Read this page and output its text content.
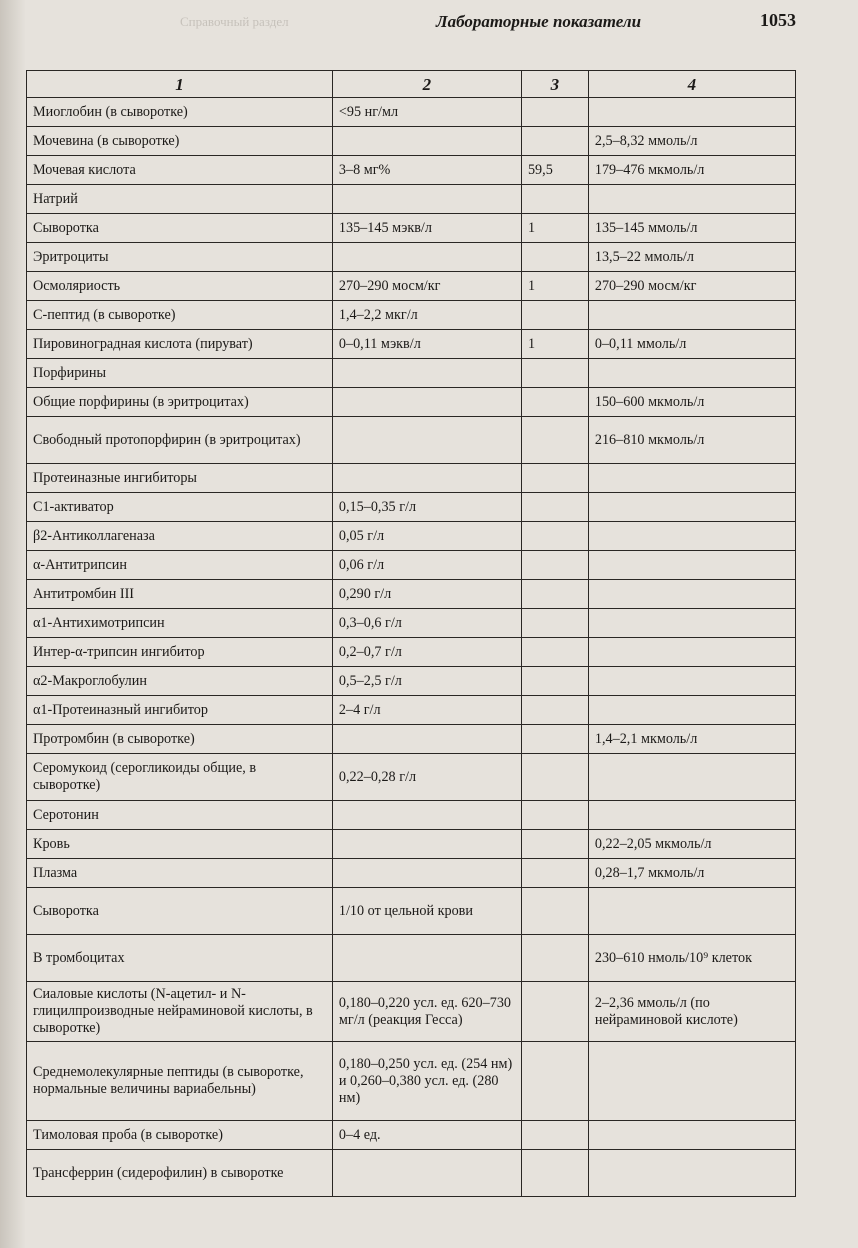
Справочный раздел	Лабораторные показатели	1053
1	2	3	4
Миоглобин (в сыворотке)	<95 нг/мл		
Мочевина (в сыворотке)			2,5–8,32 ммоль/л
Мочевая кислота	3–8 мг%	59,5	179–476 мкмоль/л
Натрий			
Сыворотка	135–145 мэкв/л	1	135–145 ммоль/л
Эритроциты			13,5–22 ммоль/л
Осмоляриость	270–290 мосм/кг	1	270–290 мосм/кг
С-пептид (в сыворотке)	1,4–2,2 мкг/л		
Пировиноградная кислота (пируват)	0–0,11 мэкв/л	1	0–0,11 ммоль/л
Порфирины			
Общие порфирины (в эритроцитах)			150–600 мкмоль/л
Свободный протопорфирин (в эритроцитах)			216–810 мкмоль/л
Протеиназные ингибиторы			
С1-активатор	0,15–0,35 г/л		
β2-Антиколлагеназа	0,05 г/л		
α-Антитрипсин	0,06 г/л		
Антитромбин III	0,290 г/л		
α1-Антихимотрипсин	0,3–0,6 г/л		
Интер-α-трипсин ингибитор	0,2–0,7 г/л		
α2-Макроглобулин	0,5–2,5 г/л		
α1-Протеиназный ингибитор	2–4 г/л		
Протромбин (в сыворотке)			1,4–2,1 мкмоль/л
Серомукоид (серогликоиды общие, в сыворотке)	0,22–0,28 г/л		
Серотонин			
Кровь			0,22–2,05 мкмоль/л
Плазма			0,28–1,7 мкмоль/л
Сыворотка	1/10 от цельной крови		
В тромбоцитах			230–610 нмоль/10⁹ клеток
Сиаловые кислоты (N-ацетил- и N-глицилпроизводные нейраминовой кислоты, в сыворотке)	0,180–0,220 усл. ед. 620–730 мг/л (реакция Гесса)		2–2,36 ммоль/л (по нейраминовой кислоте)
Среднемолекулярные пептиды (в сыворотке, нормальные величины вариабельны)	0,180–0,250 усл. ед. (254 нм) и 0,260–0,380 усл. ед. (280 нм)		
Тимоловая проба (в сыворотке)	0–4 ед.		
Трансферрин (сидерофилин) в сыворотке			
